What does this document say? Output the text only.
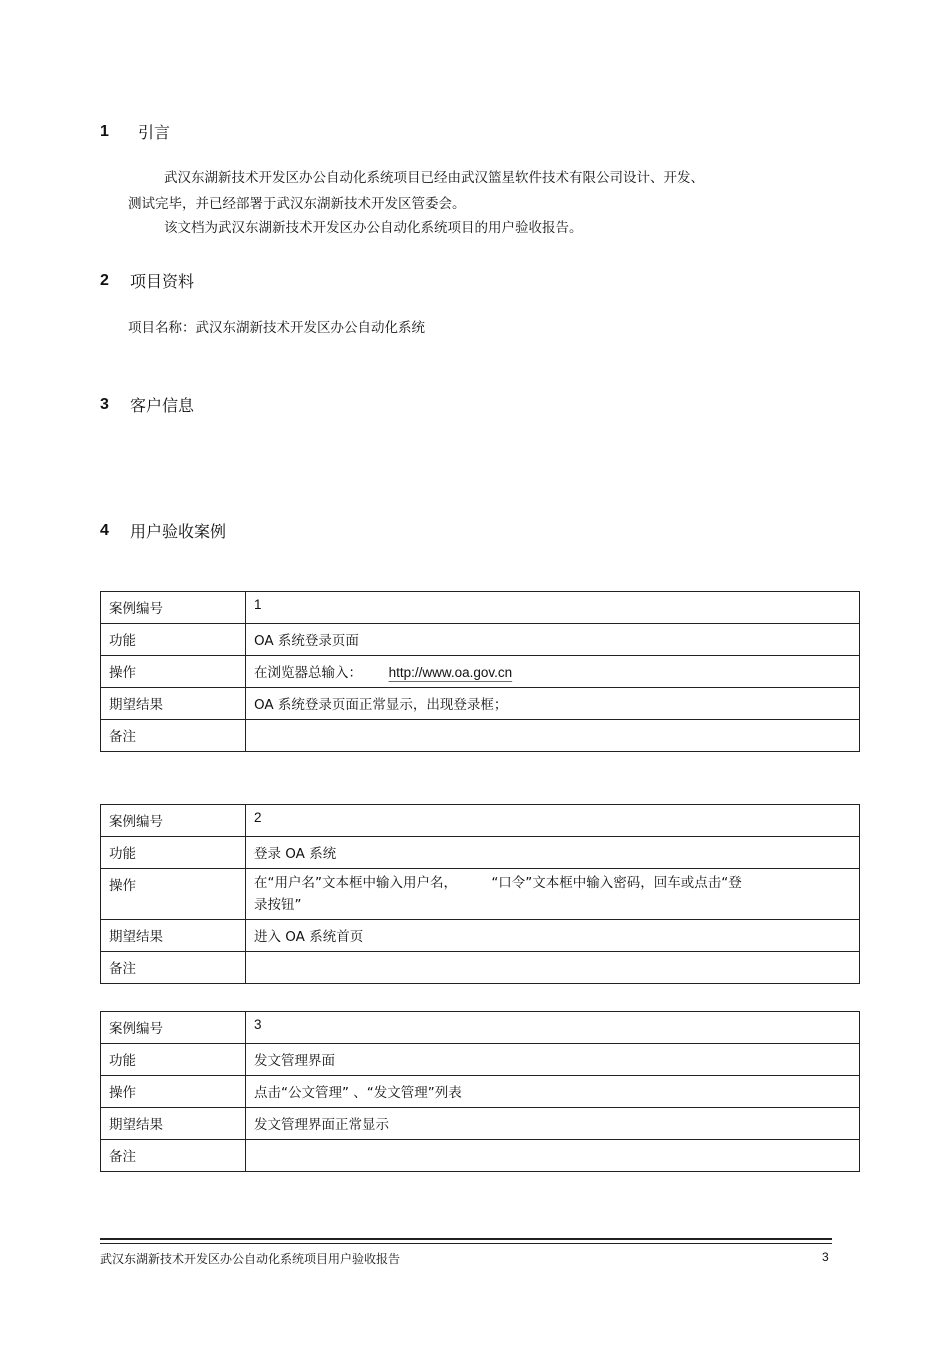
1	引言
武汉东湖新技术开发区办公自动化系统项目已经由武汉篮星软件技术有限公司设计、开发、
测试完毕，并已经部署于武汉东湖新技术开发区管委会。
该文档为武汉东湖新技术开发区办公自动化系统项目的用户验收报告。
2	项目资料
项目名称：武汉东湖新技术开发区办公自动化系统
3	客户信息
4	用户验收案例
案例编号	1
功能	OA 系统登录页面
操作	在浏览器总输入： http://www.oa.gov.cn
期望结果	OA 系统登录页面正常显示，出现登录框；
备注	
案例编号	2
功能	登录 OA 系统
操作	在“用户名”文本框中输入用户名，        “口令”文本框中输入密码，回车或点击“登
录按钮”

期望结果	进入 OA 系统首页
备注	
案例编号	3
功能	发文管理界面
操作	点击“公文管理” 、“发文管理”列表
期望结果	发文管理界面正常显示
备注	
武汉东湖新技术开发区办公自动化系统项目用户验收报告	3
